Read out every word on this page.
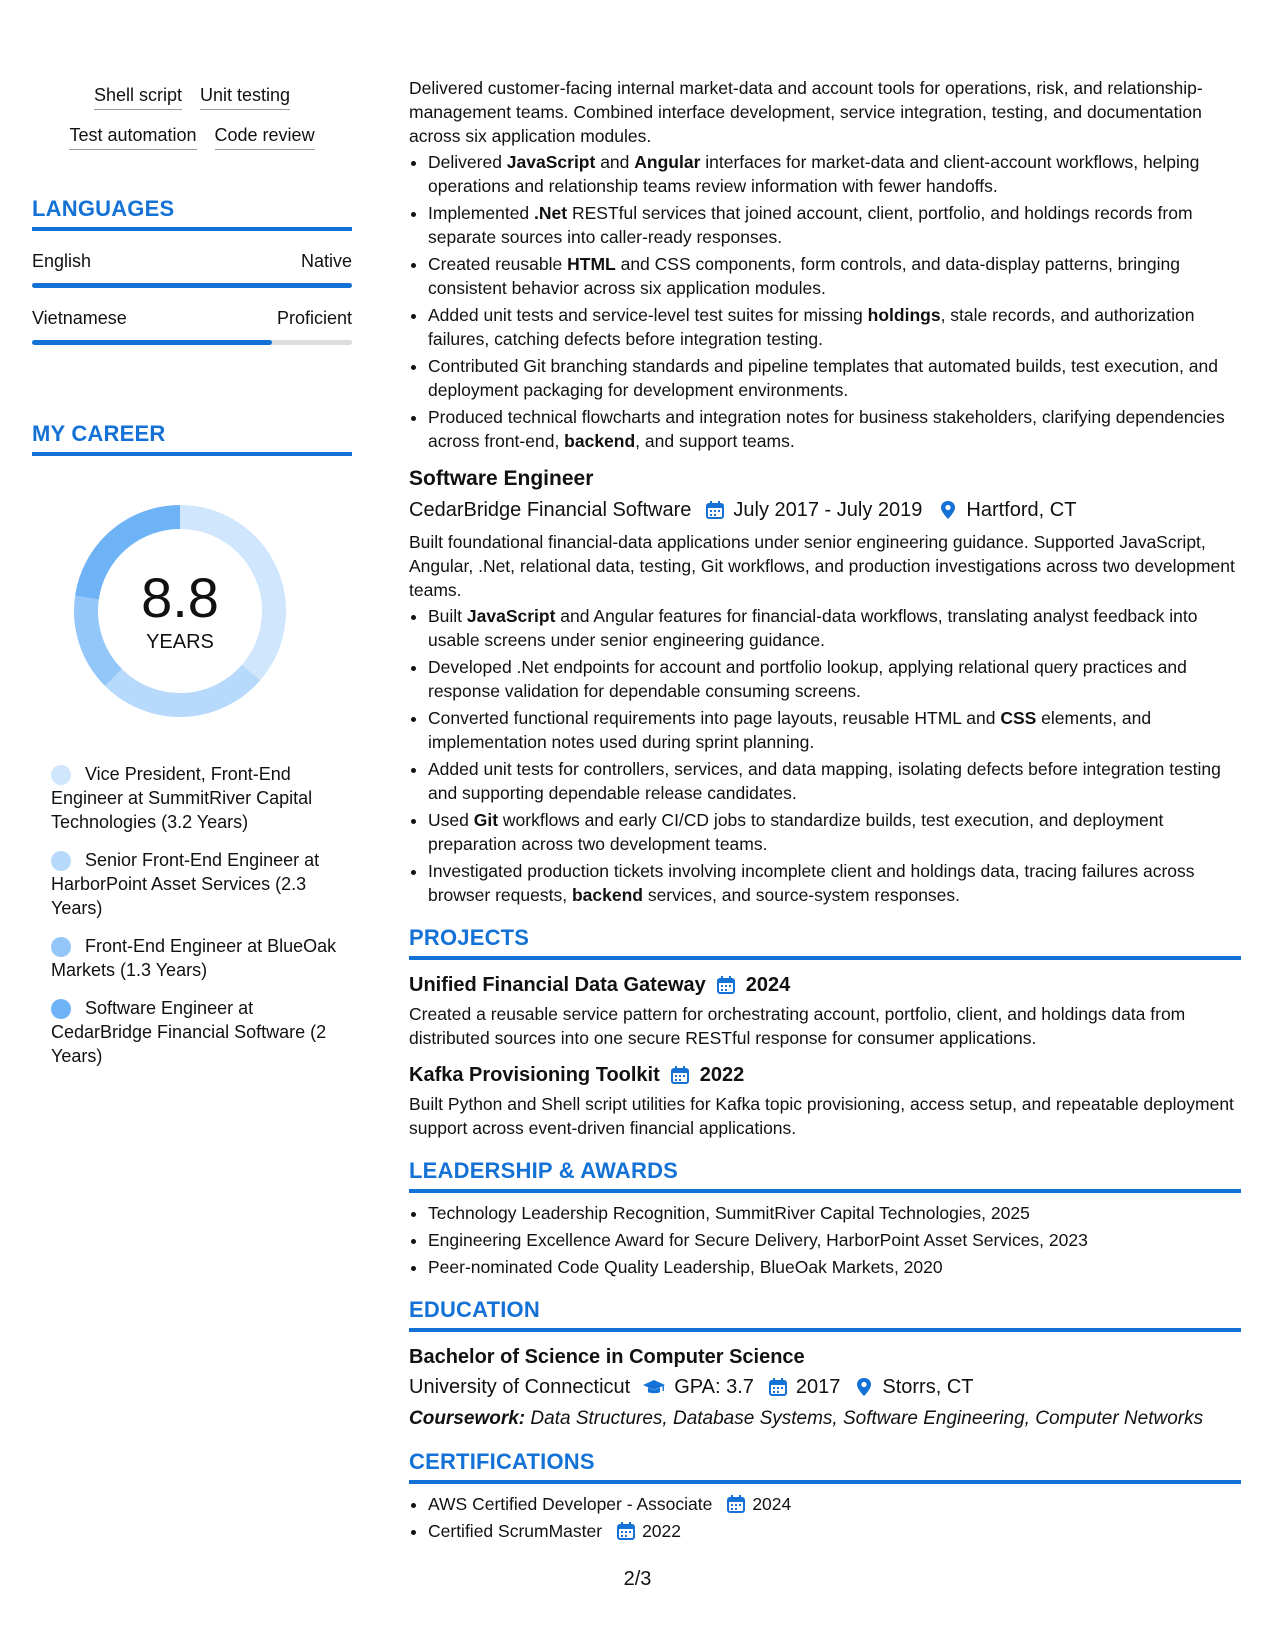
Shell script Unit testing
Test automation Code review
LANGUAGES
English	Native
Vietnamese	Proficient
MY CAREER
8.8
YEARS
Vice President, Front-End Engineer at SummitRiver Capital Technologies (3.2 Years)
Senior Front-End Engineer at HarborPoint Asset Services (2.3 Years)
Front-End Engineer at BlueOak Markets (1.3 Years)
Software Engineer at CedarBridge Financial Software (2 Years)

Delivered customer-facing internal market-data and account tools for operations, risk, and relationship-management teams. Combined interface development, service integration, testing, and documentation across six application modules.

• Delivered JavaScript and Angular interfaces for market-data and client-account workflows, helping operations and relationship teams review information with fewer handoffs.
• Implemented .Net RESTful services that joined account, client, portfolio, and holdings records from separate sources into caller-ready responses.
• Created reusable HTML and CSS components, form controls, and data-display patterns, bringing consistent behavior across six application modules.
• Added unit tests and service-level test suites for missing holdings, stale records, and authorization failures, catching defects before integration testing.
• Contributed Git branching standards and pipeline templates that automated builds, test execution, and deployment packaging for development environments.
• Produced technical flowcharts and integration notes for business stakeholders, clarifying dependencies across front-end, backend, and support teams.
Software Engineer
CedarBridge Financial Software July 2017 - July 2019 Hartford, CT

Built foundational financial-data applications under senior engineering guidance. Supported JavaScript, Angular, .Net, relational data, testing, Git workflows, and production investigations across two development teams.

• Built JavaScript and Angular features for financial-data workflows, translating analyst feedback into usable screens under senior engineering guidance.
• Developed .Net endpoints for account and portfolio lookup, applying relational query practices and response validation for dependable consuming screens.
• Converted functional requirements into page layouts, reusable HTML and CSS elements, and implementation notes used during sprint planning.
• Added unit tests for controllers, services, and data mapping, isolating defects before integration testing and supporting dependable release candidates.
• Used Git workflows and early CI/CD jobs to standardize builds, test execution, and deployment preparation across two development teams.
• Investigated production tickets involving incomplete client and holdings data, tracing failures across browser requests, backend services, and source-system responses.
PROJECTS
Unified Financial Data Gateway 2024

Created a reusable service pattern for orchestrating account, portfolio, client, and holdings data from distributed sources into one secure RESTful response for consumer applications.

Kafka Provisioning Toolkit 2022

Built Python and Shell script utilities for Kafka topic provisioning, access setup, and repeatable deployment support across event-driven financial applications.

LEADERSHIP & AWARDS
• Technology Leadership Recognition, SummitRiver Capital Technologies, 2025
• Engineering Excellence Award for Secure Delivery, HarborPoint Asset Services, 2023
• Peer-nominated Code Quality Leadership, BlueOak Markets, 2020
EDUCATION
Bachelor of Science in Computer Science
University of Connecticut GPA: 3.7 2017 Storrs, CT

Coursework: Data Structures, Database Systems, Software Engineering, Computer Networks

CERTIFICATIONS
• AWS Certified Developer - Associate 2024
• Certified ScrumMaster 2022
2/3
